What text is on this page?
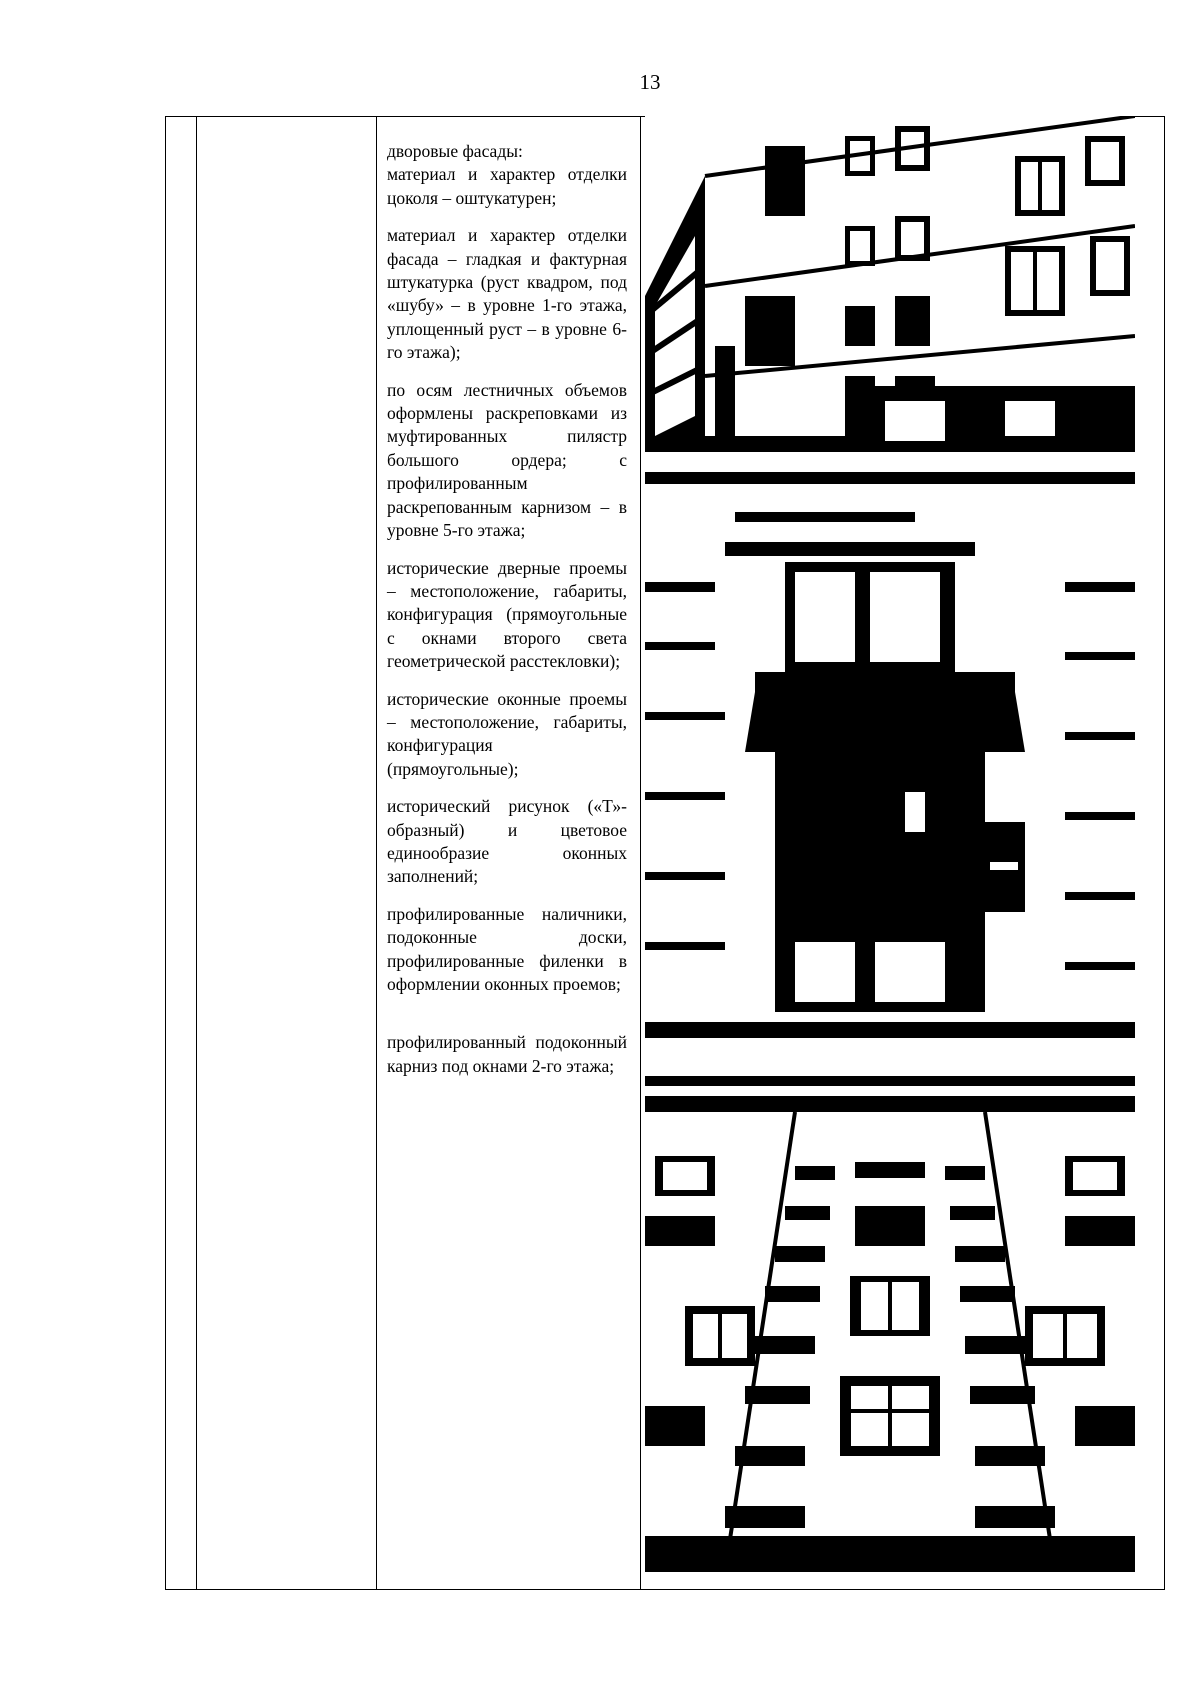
13

дворовые фасады:

материал и характер отделки цоколя – оштукатурен;

материал и характер отделки фасада – гладкая и фактурная штукатурка (руст квадром, под «шубу» – в уровне 1-го этажа, уплощенный руст – в уровне 6-го этажа);

по осям лестничных объемов оформлены раскреповками из муфтированных пилястр большого ордера; с профилированным раскрепованным карнизом – в уровне 5-го этажа;

исторические дверные проемы – местоположение, габариты, конфигурация (прямоугольные с окнами второго света геометрической расстекловки);

исторические оконные проемы – местоположение, габариты, конфигурация (прямоугольные);

исторический рисунок («Т»-образный) и цветовое единообразие оконных заполнений;

профилированные наличники, подоконные доски, профилированные филенки в оформлении оконных проемов;

профилированный подоконный карниз под окнами 2-го этажа;
